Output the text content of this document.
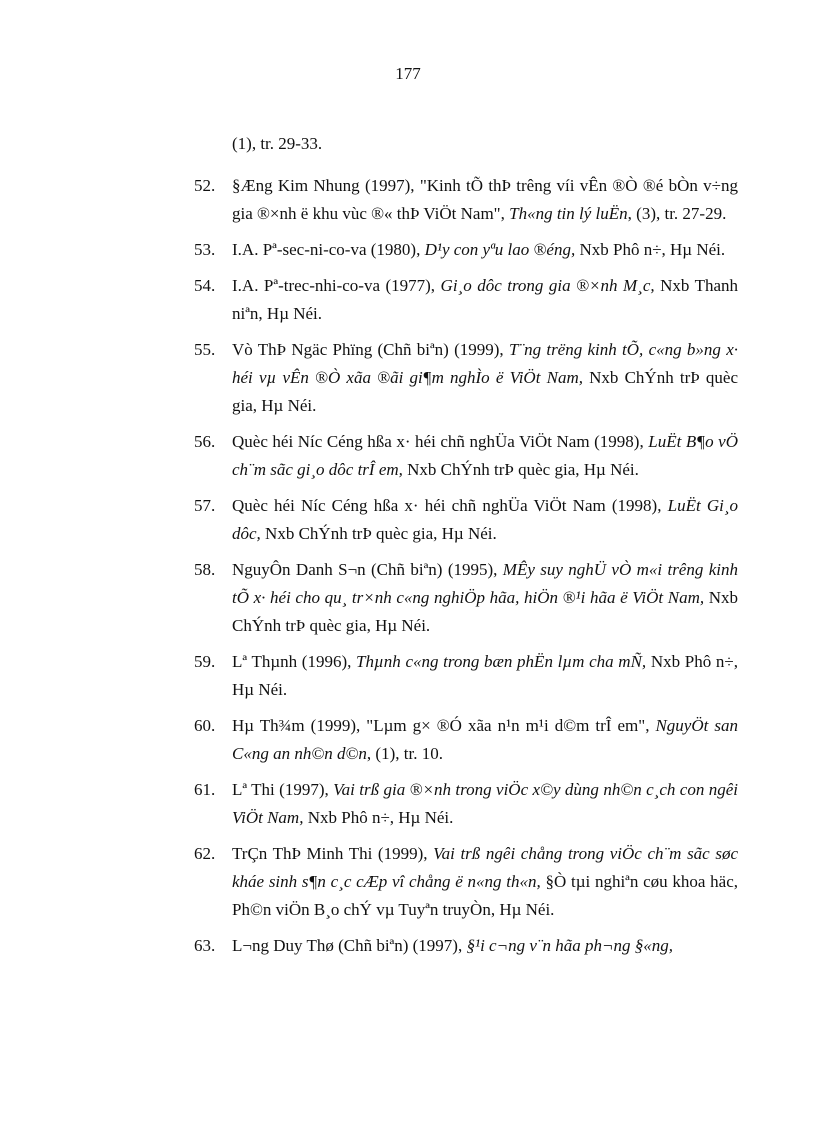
177
(1), tr. 29-33.
52. §Æng Kim Nhung (1997), "Kinh tÕ thÞ trêng víi vÊn ®Ò ®é bÒn v÷ng gia ®×nh ë khu vùc ®« thÞ ViÖt Nam", Th«ng tin lý luËn, (3), tr. 27-29.
53. I.A. Pª-sec-ni-co-va (1980), D¹y con yªu lao ®éng, Nxb Phô n÷, Hµ Néi.
54. I.A. Pª-trec-nhi-co-va (1977), Gi¸o dôc trong gia ®×nh M¸c, Nxb Thanh niªn, Hµ Néi.
55. Vò ThÞ Ngäc Phïng (Chñ biªn) (1999), T¨ng trëng kinh tÕ, c«ng b»ng x· héi vµ vÊn ®Ò xãa ®ãi gi¶m nghÌo ë ViÖt Nam, Nxb ChÝnh trÞ quèc gia, Hµ Néi.
56. Quèc héi Níc Céng hßa x· héi chñ nghÜa ViÖt Nam (1998), LuËt B¶o vÖ ch¨m sãc gi¸o dôc trÎ em, Nxb ChÝnh trÞ quèc gia, Hµ Néi.
57. Quèc héi Níc Céng hßa x· héi chñ nghÜa ViÖt Nam (1998), LuËt Gi¸o dôc, Nxb ChÝnh trÞ quèc gia, Hµ Néi.
58. NguyÔn Danh S¬n (Chñ biªn) (1995), MÊy suy nghÜ vÒ m«i trêng kinh tÕ x· héi cho qu¸ tr×nh c«ng nghiÖp hãa, hiÖn ®¹i hãa ë ViÖt Nam, Nxb ChÝnh trÞ quèc gia, Hµ Néi.
59. Lª Thµnh (1996), Thµnh c«ng trong bæn phËn lµm cha mÑ, Nxb Phô n÷, Hµ Néi.
60. Hµ Th¾m (1999), "Lµm g× ®Ó xãa n¹n m¹i d©m trÎ em", NguyÖt san C«ng an nh©n d©n, (1), tr. 10.
61. Lª Thi (1997), Vai trß gia ®×nh trong viÖc x©y dùng nh©n c¸ch con ngêi ViÖt Nam, Nxb Phô n÷, Hµ Néi.
62. TrÇn ThÞ Minh Thi (1999), Vai trß ngêi chång trong viÖc ch¨m sãc søc kháe sinh s¶n c¸c cÆp vî chång ë n«ng th«n, §Ò tµi nghiªn cøu khoa häc, Ph©n viÖn B¸o chÝ vµ Tuyªn truyÒn, Hµ Néi.
63. L¬ng Duy Thø (Chñ biªn) (1997), §¹i c¬ng v¨n hãa ph¬ng §«ng,
